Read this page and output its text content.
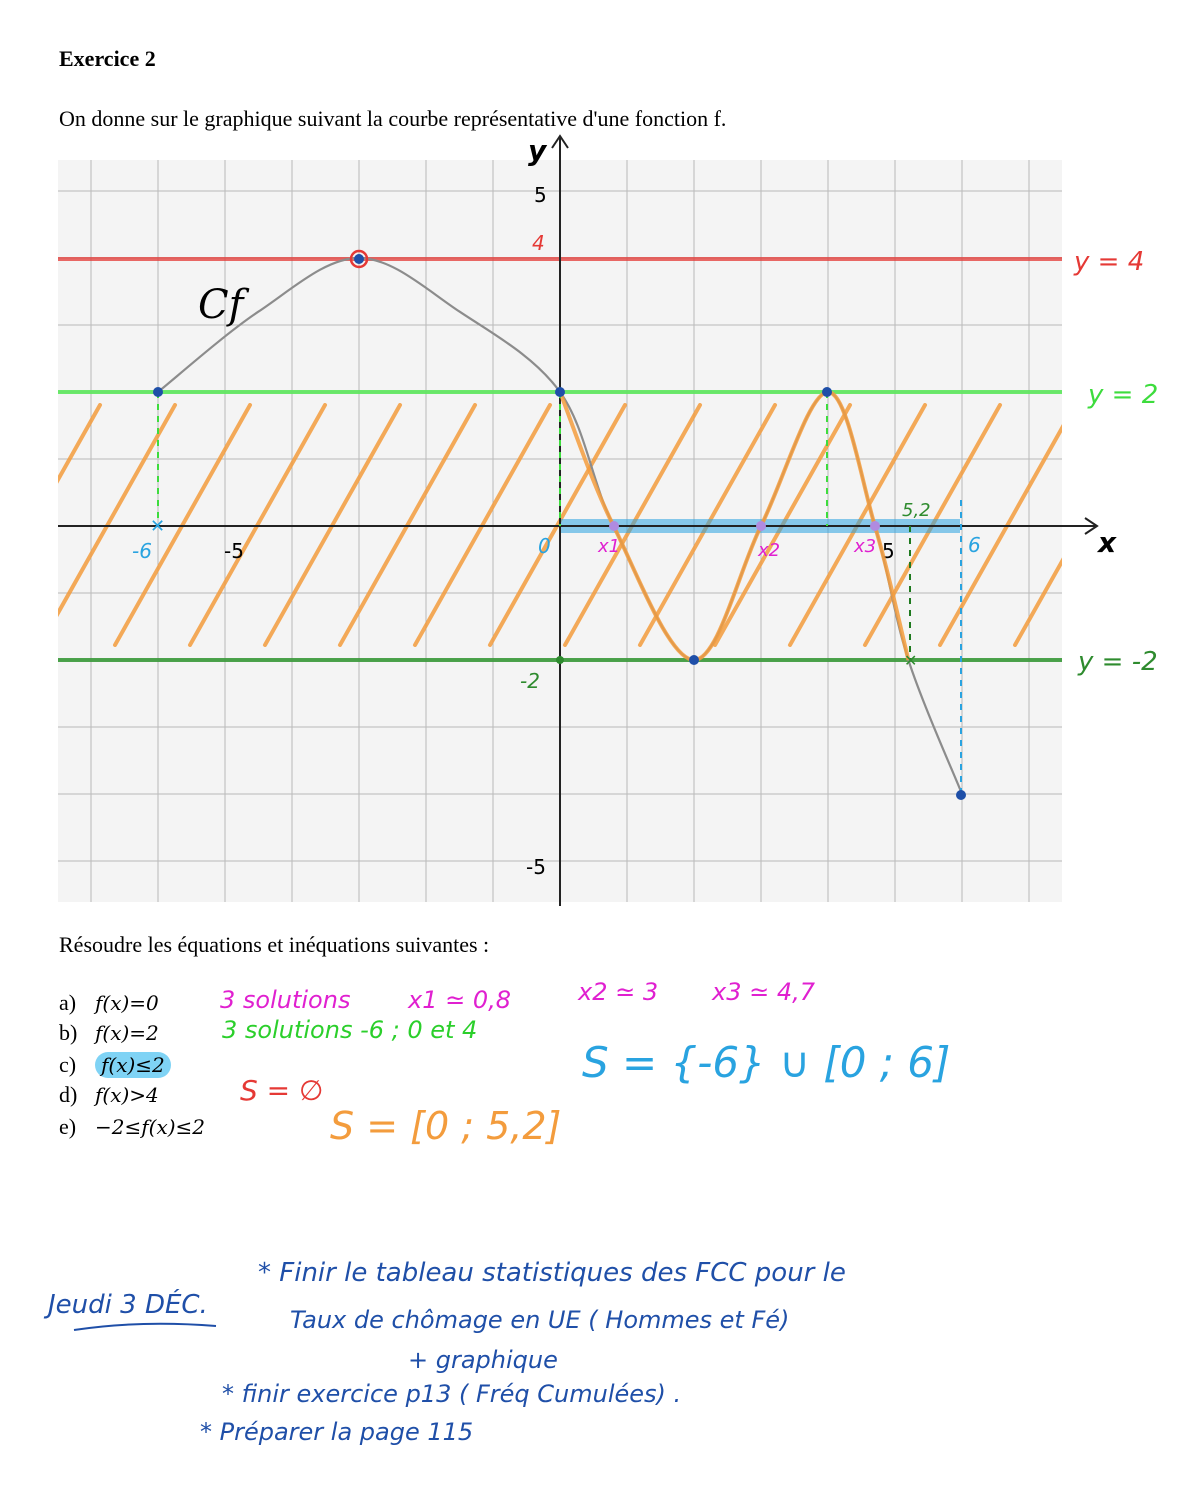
Exercice 2
On donne sur le graphique suivant la courbe représentative d'une fonction f.
x
y
-5	5
5
-5
✕
✕
Cf
y = 4
y = 2
y = -2
4
-2
0
-6	6
5,2
x1	x2	x3
Résoudre les équations et inéquations suivantes :
a) f(x)=0
b) f(x)=2
c) f(x)≤2
d) f(x)>4
e) −2≤f(x)≤2
3 solutions x1 ≃ 0,8	x2 ≃ 3 x3 ≃ 4,7
3 solutions -6 ; 0 et 4
S = {-6} ∪ [0 ; 6]
S = ∅
S = [0 ; 5,2]
Jeudi 3 DÉC.
* Finir le tableau statistiques des FCC pour le
Taux de chômage en UE ( Hommes et Fé)
+ graphique
* finir exercice p13 ( Fréq Cumulées) .
* Préparer la page 115
